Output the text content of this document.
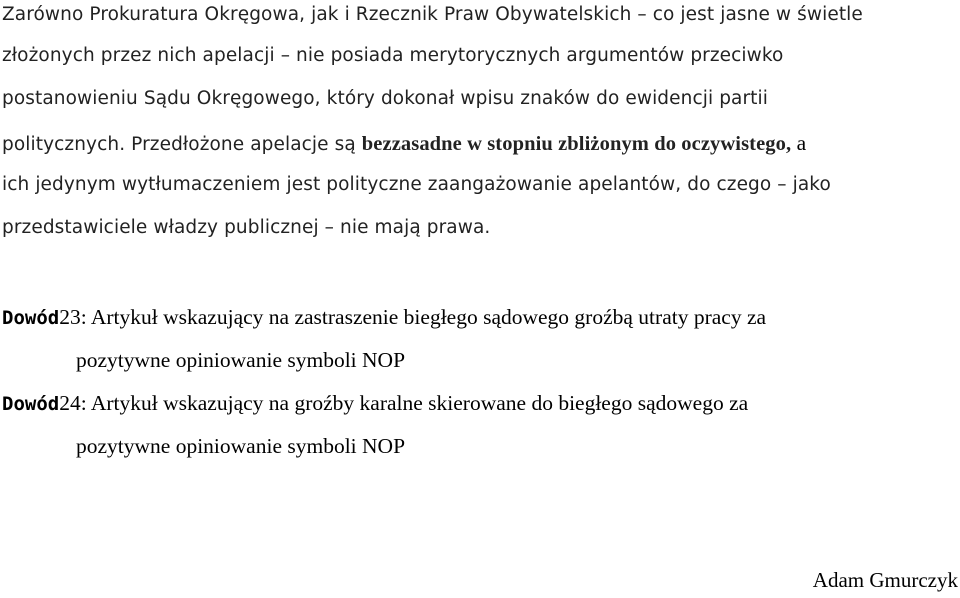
Zarówno Prokuratura Okręgowa, jak i Rzecznik Praw Obywatelskich – co jest jasne w świetle

złożonych przez nich apelacji – nie posiada merytorycznych argumentów przeciwko

postanowieniu Sądu Okręgowego, który dokonał wpisu znaków do ewidencji partii

politycznych. Przedłożone apelacje są bezzasadne w stopniu zbliżonym do oczywistego, a

ich jedynym wytłumaczeniem jest polityczne zaangażowanie apelantów, do czego – jako

przedstawiciele władzy publicznej – nie mają prawa.

Dowód23: Artykuł wskazujący na zastraszenie biegłego sądowego groźbą utraty pracy za

pozytywne opiniowanie symboli NOP

Dowód24: Artykuł wskazujący na groźby karalne skierowane do biegłego sądowego za

pozytywne opiniowanie symboli NOP

Adam Gmurczyk
